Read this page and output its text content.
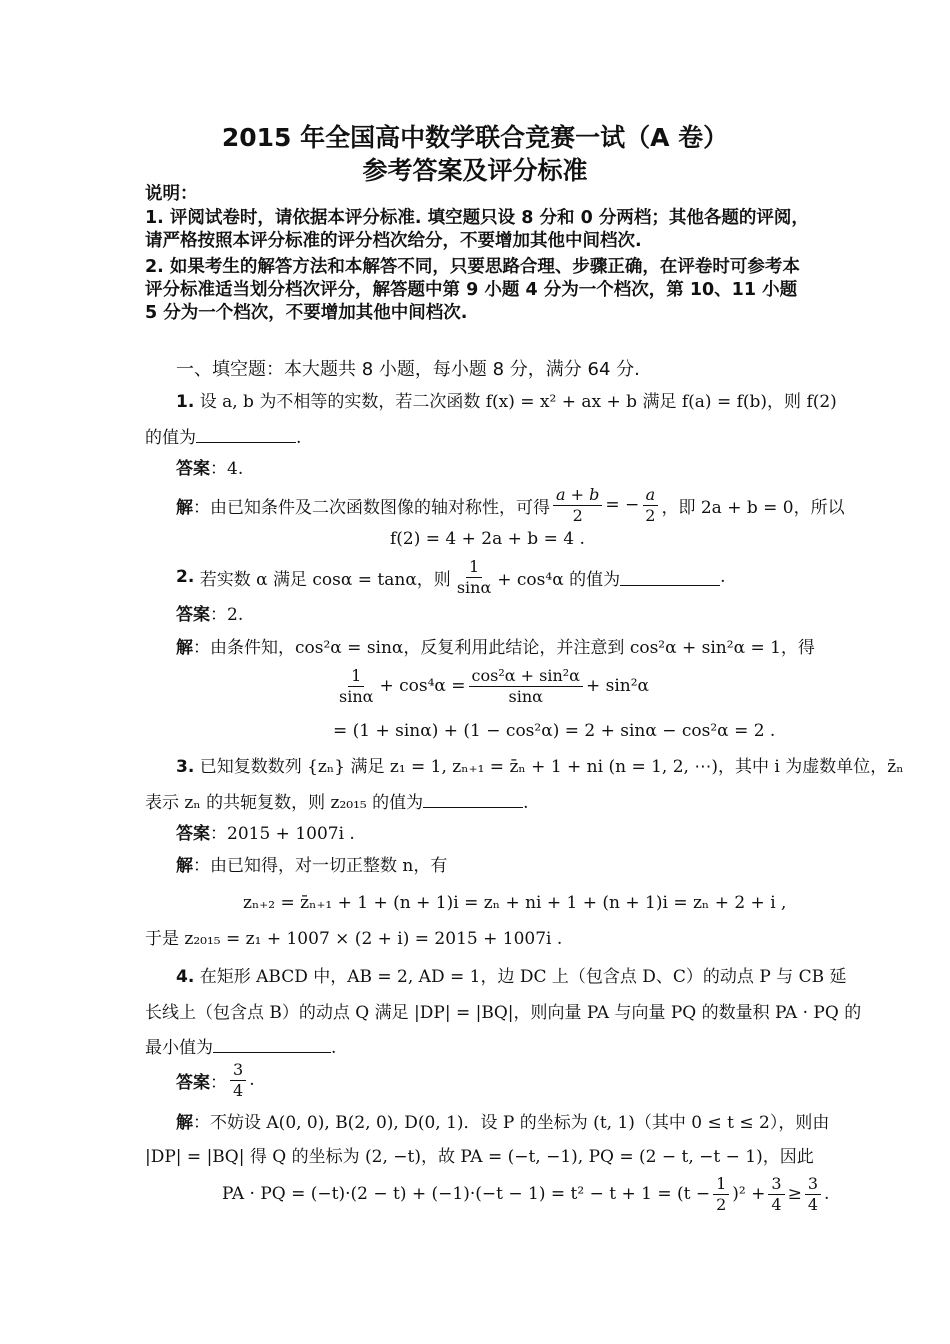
2015 年全国高中数学联合竞赛一试（A 卷）
参考答案及评分标准
说明：
1. 评阅试卷时，请依据本评分标准. 填空题只设 8 分和 0 分两档；其他各题的评阅，请严格按照本评分标准的评分档次给分，不要增加其他中间档次.
2. 如果考生的解答方法和本解答不同，只要思路合理、步骤正确，在评卷时可参考本评分标准适当划分档次评分，解答题中第 9 小题 4 分为一个档次，第 10、11 小题 5 分为一个档次，不要增加其他中间档次.
一、填空题：本大题共 8 小题，每小题 8 分，满分 64 分.
1. 设 a, b 为不相等的实数，若二次函数 f(x) = x² + ax + b 满足 f(a) = f(b)，则 f(2)
的值为	.
答案：4.
解 ：由已知条件及二次函数图像的轴对称性，可得 $\frac{a + b}{2}$ = − $\frac{a}{2}$ ，即 2a + b = 0，所以
f(2) = 4 + 2a + b = 4 .
2.
若实数 α 满足 cosα = tanα，则 $\frac{1}{\sin\alpha} + \cos^4\alpha$ 的值为	.
答案：2.
解：由条件知，cos²α = sinα，反复利用此结论，并注意到 cos²α + sin²α = 1，得
$\frac{1}{\sin\alpha} + \cos^4\alpha = \frac{\text{cos²α + sin²α}}{\sin\alpha} + \sin^2\alpha$
= (1 + sinα) + (1 − cos²α) = 2 + sinα − cos²α = 2 .
3. 已知复数数列 {zₙ} 满足 z₁ = 1, zₙ₊₁ = z̄ₙ + 1 + ni (n = 1, 2, ⋯)，其中 i 为虚数单位，z̄ₙ
表示 zₙ 的共轭复数，则 z₂₀₁₅ 的值为	.
答案：2015 + 1007i .
解：由已知得，对一切正整数 n，有
zₙ₊₂ = z̄ₙ₊₁ + 1 + (n + 1)i = zₙ + ni + 1 + (n + 1)i = zₙ + 2 + i ,
于是 z₂₀₁₅ = z₁ + 1007 × (2 + i) = 2015 + 1007i .
4. 在矩形 ABCD 中，AB = 2, AD = 1，边 DC 上（包含点 D、C）的动点 P 与 CB 延
长线上（包含点 B）的动点 Q 满足 |DP| = |BQ|，则向量 PA 与向量 PQ 的数量积 PA · PQ 的
最小值为	.
答案 ： $\frac{3}{4}$ .
解：不妨设 A(0, 0), B(2, 0), D(0, 1)．设 P 的坐标为 (t, 1)（其中 0 ≤ t ≤ 2），则由
|DP| = |BQ| 得 Q 的坐标为 (2, −t)，故 PA = (−t, −1), PQ = (2 − t, −t − 1)，因此
PA · PQ = $(-t)\cdot(2 - t) + (-1)\cdot(-t - 1) = t^2 - t + 1 = (t - \frac{1}{2} )^2 + \frac{3}{4} \ge \frac{3}{4}$ .
